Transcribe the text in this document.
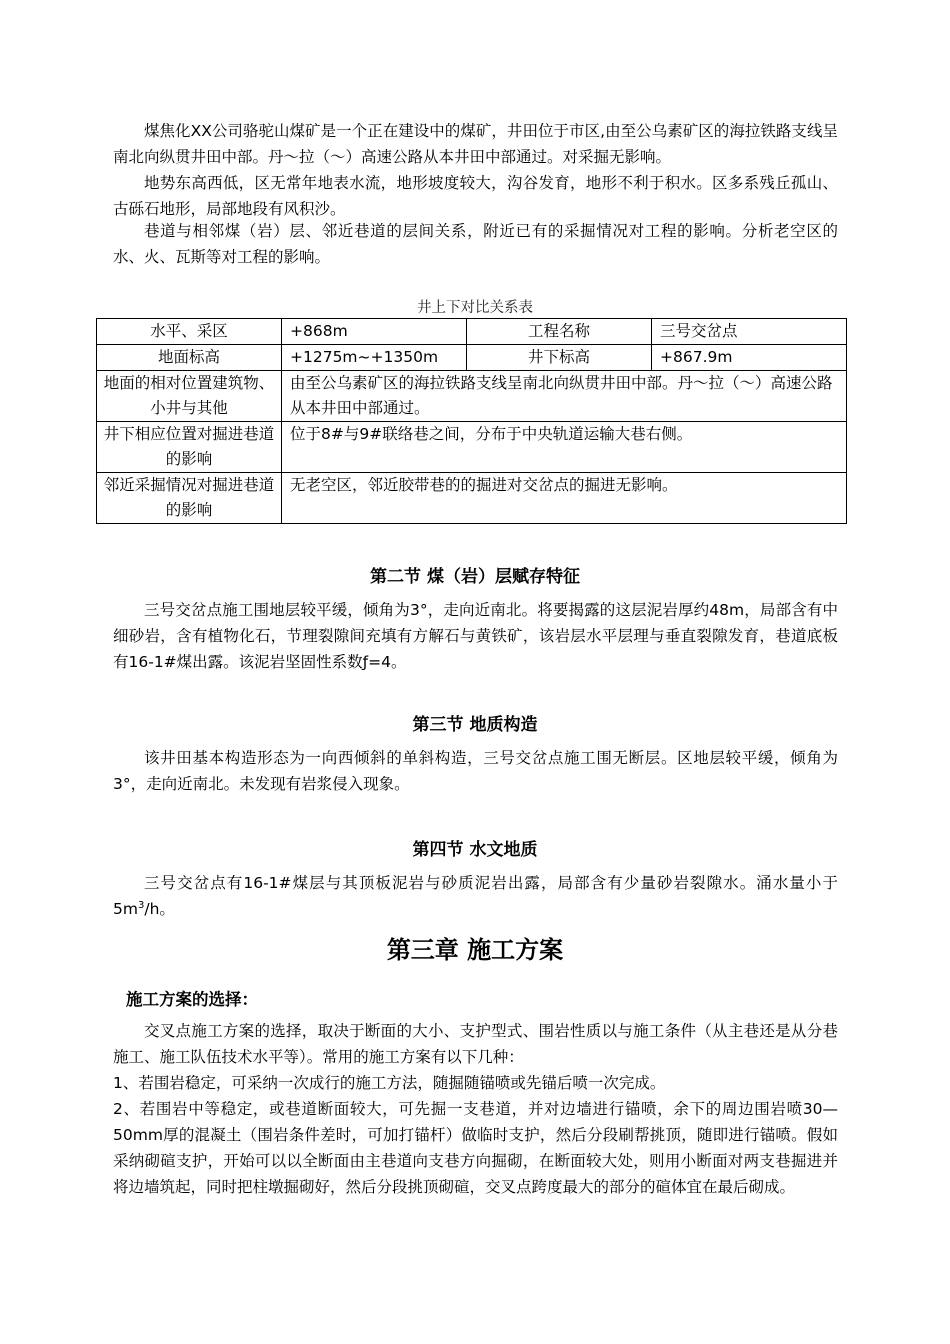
煤焦化XX公司骆驼山煤矿是一个正在建设中的煤矿，井田位于市区,由至公乌素矿区的海拉铁路支线呈南北向纵贯井田中部。丹～拉（～）高速公路从本井田中部通过。对采掘无影响。

地势东高西低，区无常年地表水流，地形坡度较大，沟谷发育，地形不利于积水。区多系残丘孤山、古砾石地形，局部地段有风积沙。

巷道与相邻煤（岩）层、邻近巷道的层间关系，附近已有的采掘情况对工程的影响。分析老空区的水、火、瓦斯等对工程的影响。

井上下对比关系表
水平、采区	+868m	工程名称	三号交岔点
地面标高	+1275m~+1350m	井下标高	+867.9m
地面的相对位置建筑物、小井与其他	由至公乌素矿区的海拉铁路支线呈南北向纵贯井田中部。丹～拉（～）高速公路从本井田中部通过。		
井下相应位置对掘进巷道的影响	位于8#与9#联络巷之间，分布于中央轨道运输大巷右侧。		
邻近采掘情况对掘进巷道的影响	无老空区，邻近胶带巷的的掘进对交岔点的掘进无影响。		
第二节 煤（岩）层赋存特征

三号交岔点施工围地层较平缓，倾角为3°，走向近南北。将要揭露的这层泥岩厚约48m，局部含有中细砂岩，含有植物化石，节理裂隙间充填有方解石与黄铁矿，该岩层水平层理与垂直裂隙发育，巷道底板有16-1#煤出露。该泥岩坚固性系数ƒ=4。

第三节 地质构造

该井田基本构造形态为一向西倾斜的单斜构造，三号交岔点施工围无断层。区地层较平缓，倾角为3°，走向近南北。未发现有岩浆侵入现象。

第四节 水文地质

三号交岔点有16-1#煤层与其顶板泥岩与砂质泥岩出露，局部含有少量砂岩裂隙水。涌水量小于$5m^3/h$。

第三章 施工方案
施工方案的选择：

交叉点施工方案的选择，取决于断面的大小、支护型式、围岩性质以与施工条件（从主巷还是从分巷施工、施工队伍技术水平等）。常用的施工方案有以下几种：

1、若围岩稳定，可采纳一次成行的施工方法，随掘随锚喷或先锚后喷一次完成。

2、若围岩中等稳定，或巷道断面较大，可先掘一支巷道，并对边墙进行锚喷，余下的周边围岩喷30—50mm厚的混凝土（围岩条件差时，可加打锚杆）做临时支护，然后分段刷帮挑顶，随即进行锚喷。假如采纳砌碹支护，开始可以以全断面由主巷道向支巷方向掘砌，在断面较大处，则用小断面对两支巷掘进并将边墙筑起，同时把柱墩掘砌好，然后分段挑顶砌碹，交叉点跨度最大的部分的碹体宜在最后砌成。
